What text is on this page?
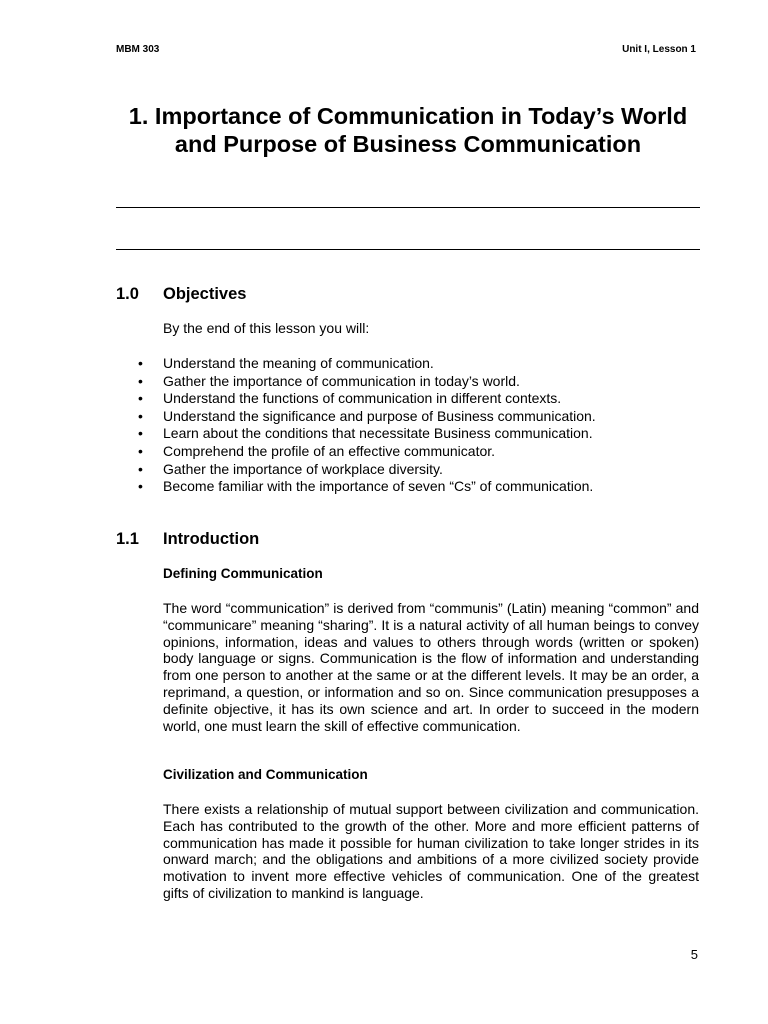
MBM 303	Unit I, Lesson 1
1. Importance of Communication in Today’s World and Purpose of Business Communication
1.0 Objectives
By the end of this lesson you will:
• Understand the meaning of communication.
• Gather the importance of communication in today’s world.
• Understand the functions of communication in different contexts.
• Understand the significance and purpose of Business communication.
• Learn about the conditions that necessitate Business communication.
• Comprehend the profile of an effective communicator.
• Gather the importance of workplace diversity.
• Become familiar with the importance of seven “Cs” of communication.
1.1 Introduction
Defining Communication

The word “communication” is derived from “communis” (Latin) meaning “common” and “communicare” meaning “sharing”. It is a natural activity of all human beings to convey opinions, information, ideas and values to others through words (written or spoken) body language or signs. Communication is the flow of information and understanding from one person to another at the same or at the different levels. It may be an order, a reprimand, a question, or information and so on. Since communication presupposes a definite objective, it has its own science and art. In order to succeed in the modern world, one must learn the skill of effective communication.

Civilization and Communication

There exists a relationship of mutual support between civilization and communication. Each has contributed to the growth of the other. More and more efficient patterns of communication has made it possible for human civilization to take longer strides in its onward march; and the obligations and ambitions of a more civilized society provide motivation to invent more effective vehicles of communication. One of the greatest gifts of civilization to mankind is language.

5
